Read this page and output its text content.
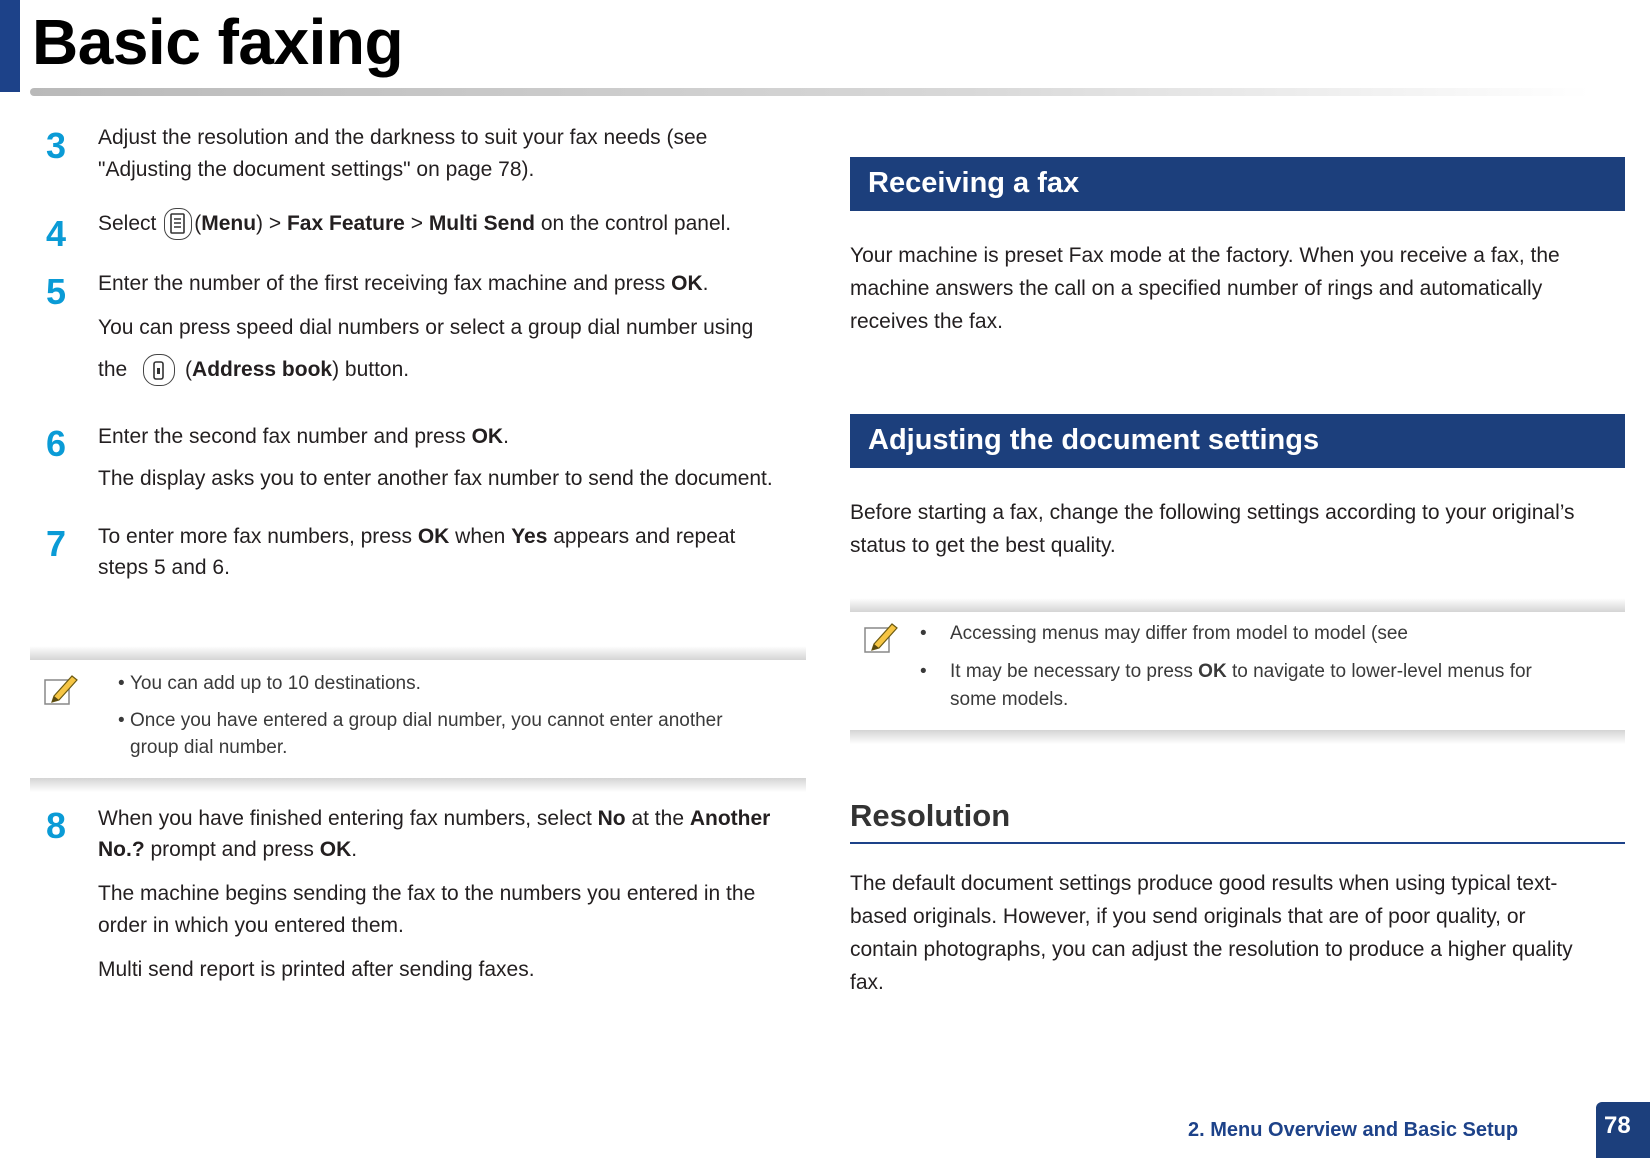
Basic faxing
3	Adjust the resolution and the darkness to suit your fax needs (see
"Adjusting the document settings" on page 78).
4	Select (Menu) > Fax Feature > Multi Send on the control panel.
5	Enter the number of the first receiving fax machine and press OK.
You can press speed dial numbers or select a group dial number using
the	(Address book) button.
6	Enter the second fax number and press OK.
The display asks you to enter another fax number to send the document.
7	To enter more fax numbers, press OK when Yes appears and repeat
steps 5 and 6.
• You can add up to 10 destinations.
• Once you have entered a group dial number, you cannot enter another
group dial number.
8	When you have finished entering fax numbers, select No at the Another
No.? prompt and press OK.
The machine begins sending the fax to the numbers you entered in the
order in which you entered them.
Multi send report is printed after sending faxes.
Receiving a fax
Your machine is preset Fax mode at the factory. When you receive a fax, the
machine answers the call on a specified number of rings and automatically
receives the fax.
Adjusting the document settings
Before starting a fax, change the following settings according to your original’s
status to get the best quality.
• Accessing menus may differ from model to model (see
• It may be necessary to press OK to navigate to lower-level menus for
some models.
Resolution
The default document settings produce good results when using typical text-
based originals. However, if you send originals that are of poor quality, or
contain photographs, you can adjust the resolution to produce a higher quality
fax.
2. Menu Overview and Basic Setup	78
